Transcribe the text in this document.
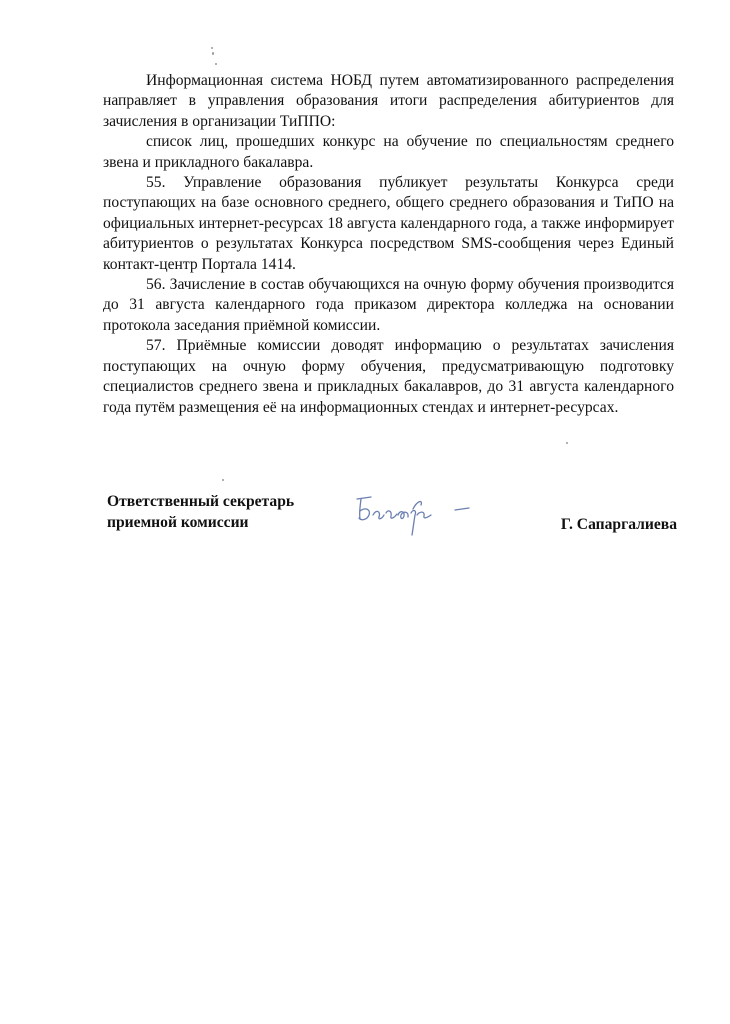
Информационная система НОБД путем автоматизированного распределения направляет в управления образования итоги распределения абитуриентов для зачисления в организации ТиППО:

список лиц, прошедших конкурс на обучение по специальностям среднего звена и прикладного бакалавра.

55. Управление образования публикует результаты Конкурса среди поступающих на базе основного среднего, общего среднего образования и ТиПО на официальных интернет-ресурсах 18 августа календарного года, а также информирует абитуриентов о результатах Конкурса посредством SMS-сообщения через Единый контакт-центр Портала 1414.

56. Зачисление в состав обучающихся на очную форму обучения производится до 31 августа календарного года приказом директора колледжа на основании протокола заседания приёмной комиссии.

57. Приёмные комиссии доводят информацию о результатах зачисления поступающих на очную форму обучения, предусматривающую подготовку специалистов среднего звена и прикладных бакалавров, до 31 августа календарного года путём размещения её на информационных стендах и интернет-ресурсах.

Ответственный секретарь
приемной комиссии	Г. Сапаргалиева
